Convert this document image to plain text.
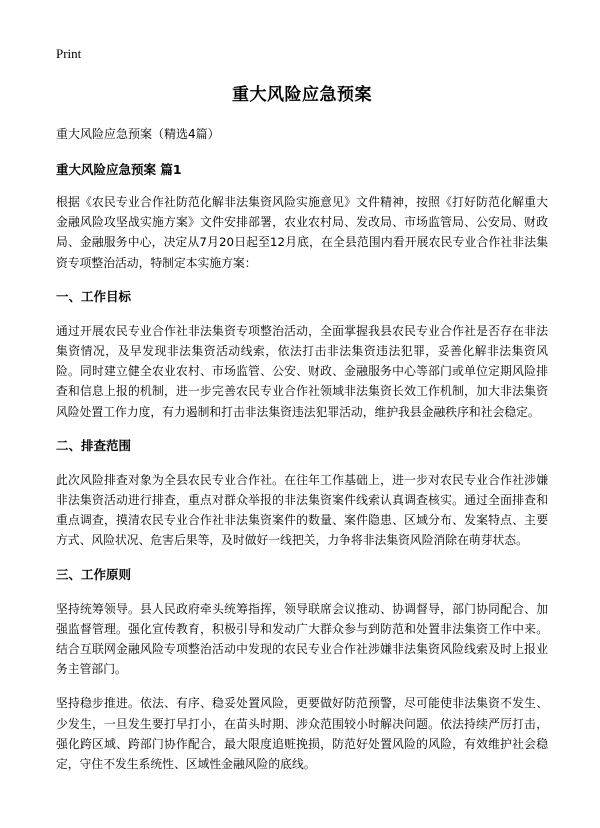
Print
重大风险应急预案
重大风险应急预案（精选4篇）
重大风险应急预案 篇1

根据《农民专业合作社防范化解非法集资风险实施意见》文件精神，按照《打好防范化解重大金融风险攻坚战实施方案》文件安排部署，农业农村局、发改局、市场监管局、公安局、财政局、金融服务中心，决定从7月20日起至12月底，在全县范围内看开展农民专业合作社非法集资专项整治活动，特制定本实施方案：

一、工作目标

通过开展农民专业合作社非法集资专项整治活动，全面掌握我县农民专业合作社是否存在非法集资情况，及早发现非法集资活动线索，依法打击非法集资违法犯罪，妥善化解非法集资风险。同时建立健全农业农村、市场监管、公安、财政、金融服务中心等部门或单位定期风险排查和信息上报的机制，进一步完善农民专业合作社领域非法集资长效工作机制，加大非法集资风险处置工作力度，有力遏制和打击非法集资违法犯罪活动，维护我县金融秩序和社会稳定。

二、排查范围

此次风险排查对象为全县农民专业合作社。在往年工作基础上，进一步对农民专业合作社涉嫌非法集资活动进行排查，重点对群众举报的非法集资案件线索认真调查核实。通过全面排查和重点调查，摸清农民专业合作社非法集资案件的数量、案件隐患、区域分布、发案特点、主要方式、风险状况、危害后果等，及时做好一线把关，力争将非法集资风险消除在萌芽状态。

三、工作原则

坚持统筹领导。县人民政府牵头统筹指挥，领导联席会议推动、协调督导，部门协同配合、加强监督管理。强化宣传教育，积极引导和发动广大群众参与到防范和处置非法集资工作中来。结合互联网金融风险专项整治活动中发现的农民专业合作社涉嫌非法集资风险线索及时上报业务主管部门。

坚持稳步推进。依法、有序、稳妥处置风险，更要做好防范预警，尽可能使非法集资不发生、少发生，一旦发生要打早打小，在苗头时期、涉众范围较小时解决问题。依法持续严厉打击，强化跨区域、跨部门协作配合，最大限度追赃挽损，防范好处置风险的风险，有效维护社会稳定，守住不发生系统性、区域性金融风险的底线。
